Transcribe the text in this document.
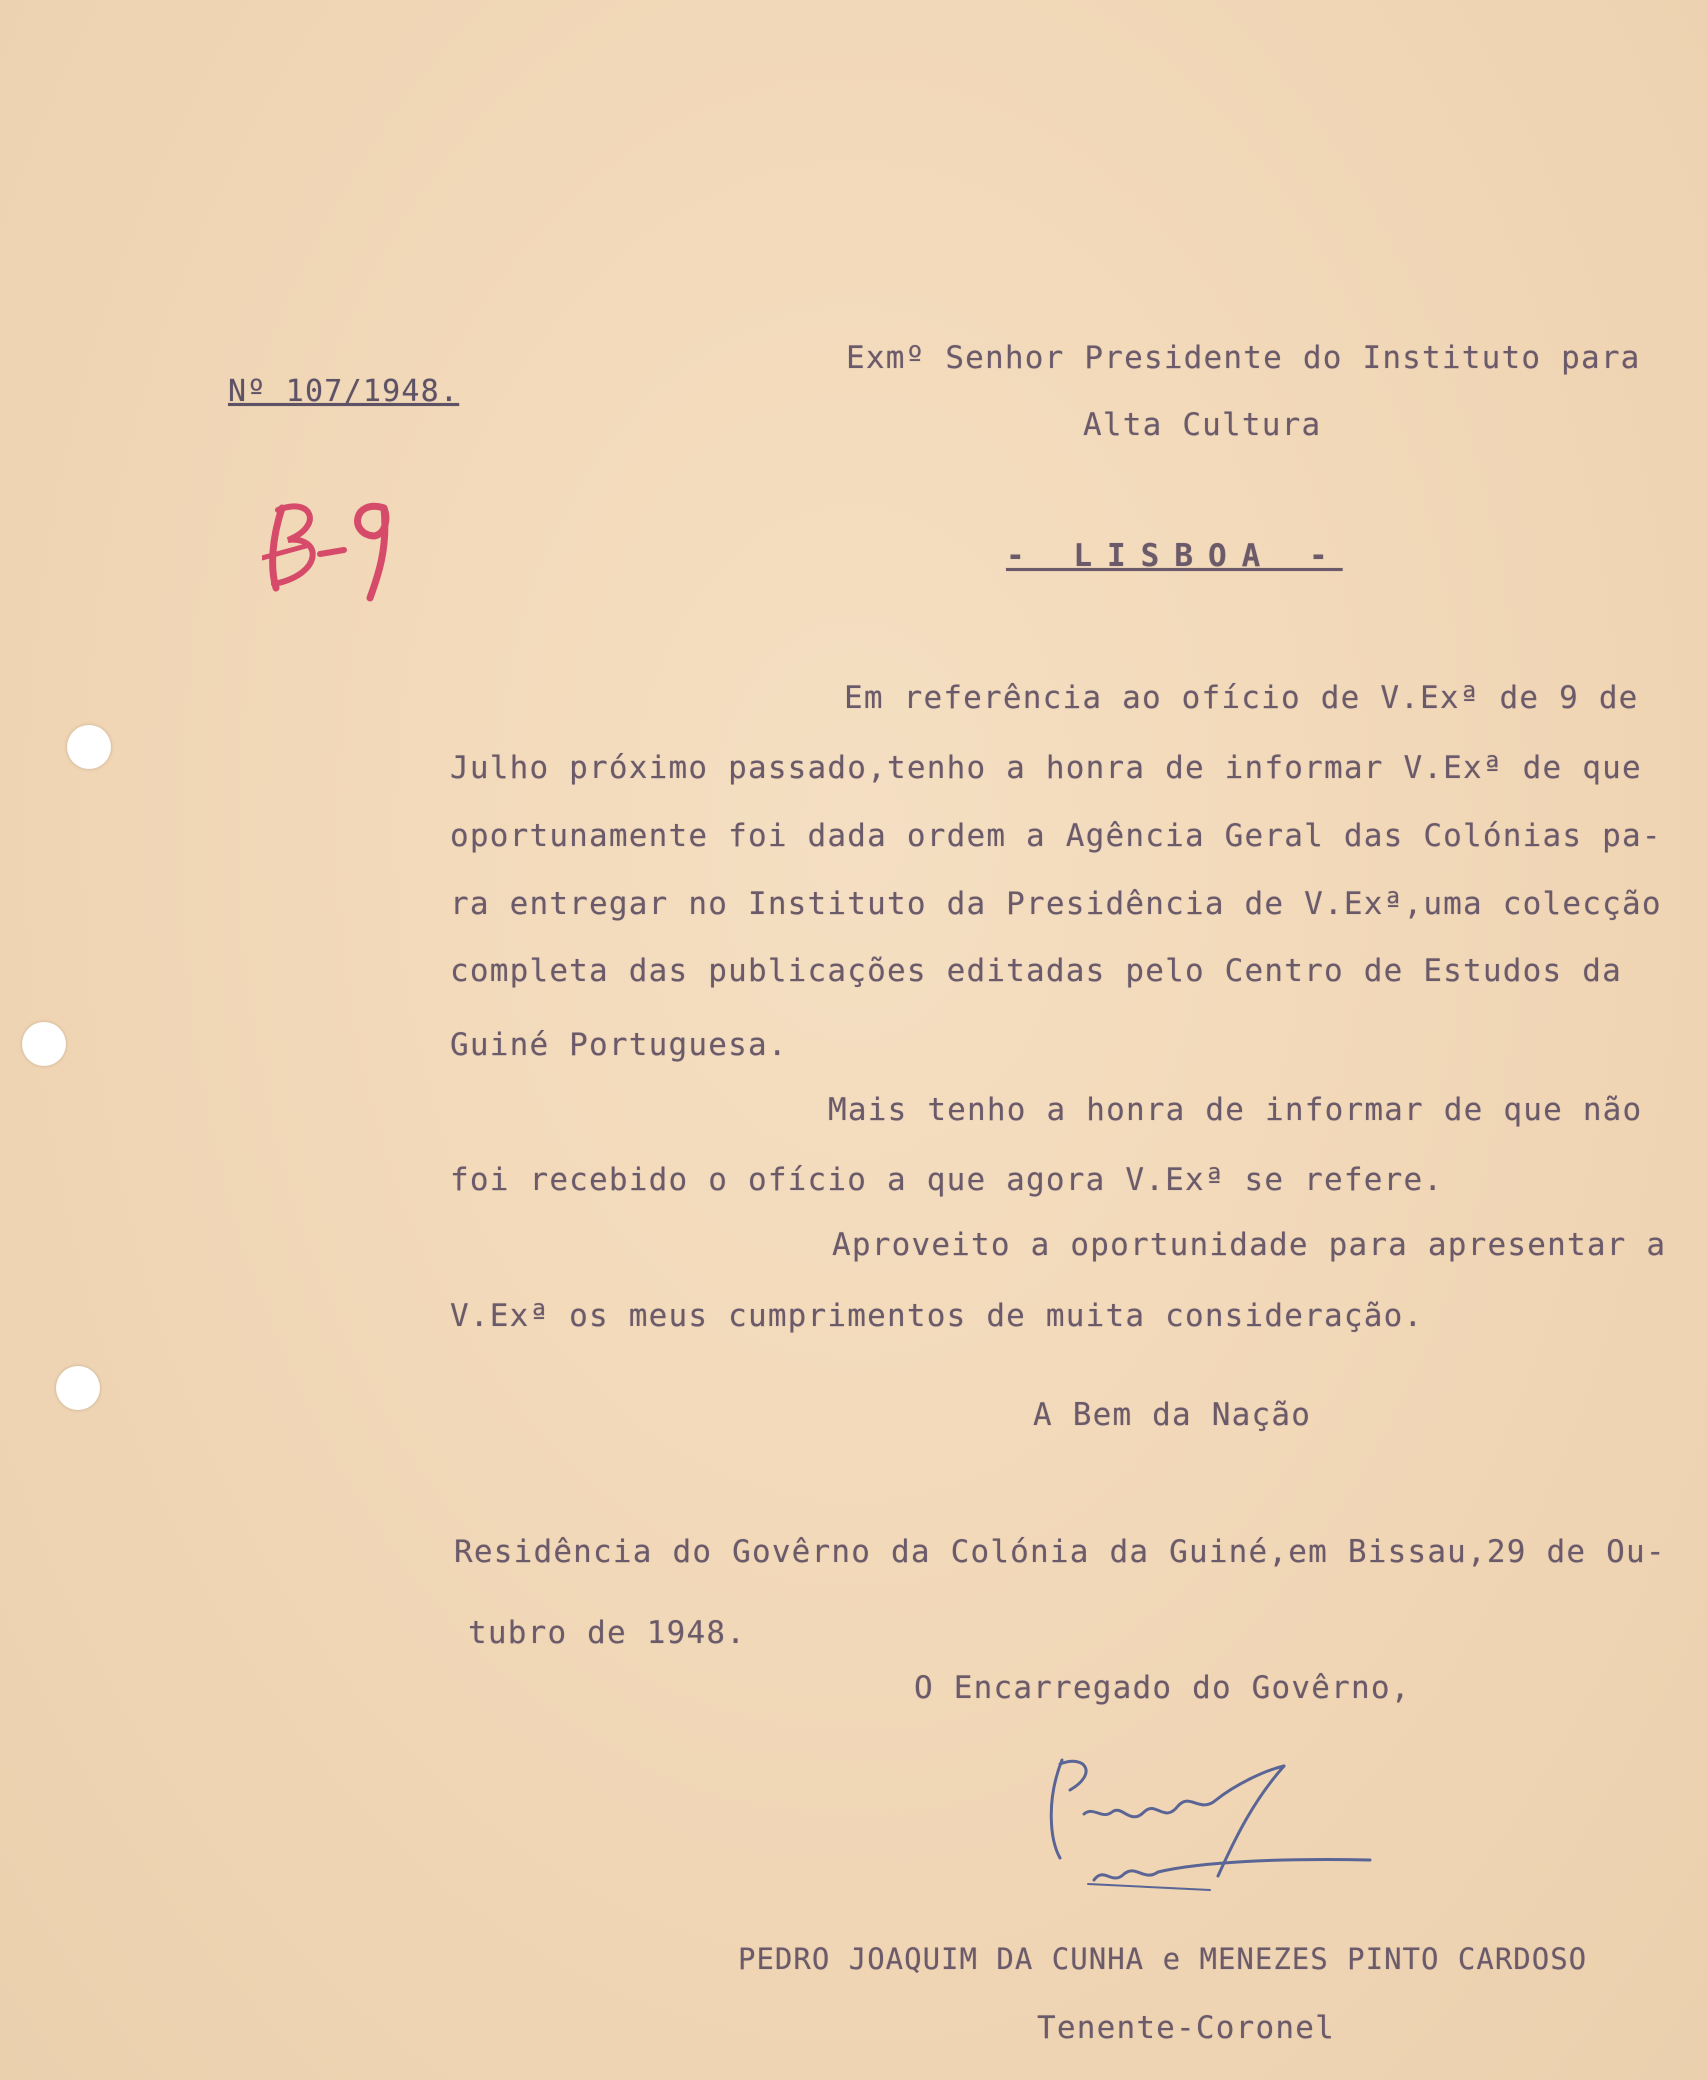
Nº 107/1948.
Exmº Senhor Presidente do Instituto para
Alta Cultura
- LISBOA -
Em referência ao ofício de V.Exª de 9 de
Julho próximo passado,tenho a honra de informar V.Exª de que
oportunamente foi dada ordem a Agência Geral das Colónias pa-
ra entregar no Instituto da Presidência de V.Exª,uma colecção
completa das publicações editadas pelo Centro de Estudos da
Guiné Portuguesa.
Mais tenho a honra de informar de que não
foi recebido o ofício a que agora V.Exª se refere.
Aproveito a oportunidade para apresentar a
V.Exª os meus cumprimentos de muita consideração.
A Bem da Nação
Residência do Govêrno da Colónia da Guiné,em Bissau,29 de Ou-
tubro de 1948.
O Encarregado do Govêrno,
PEDRO JOAQUIM DA CUNHA e MENEZES PINTO CARDOSO
Tenente-Coronel
